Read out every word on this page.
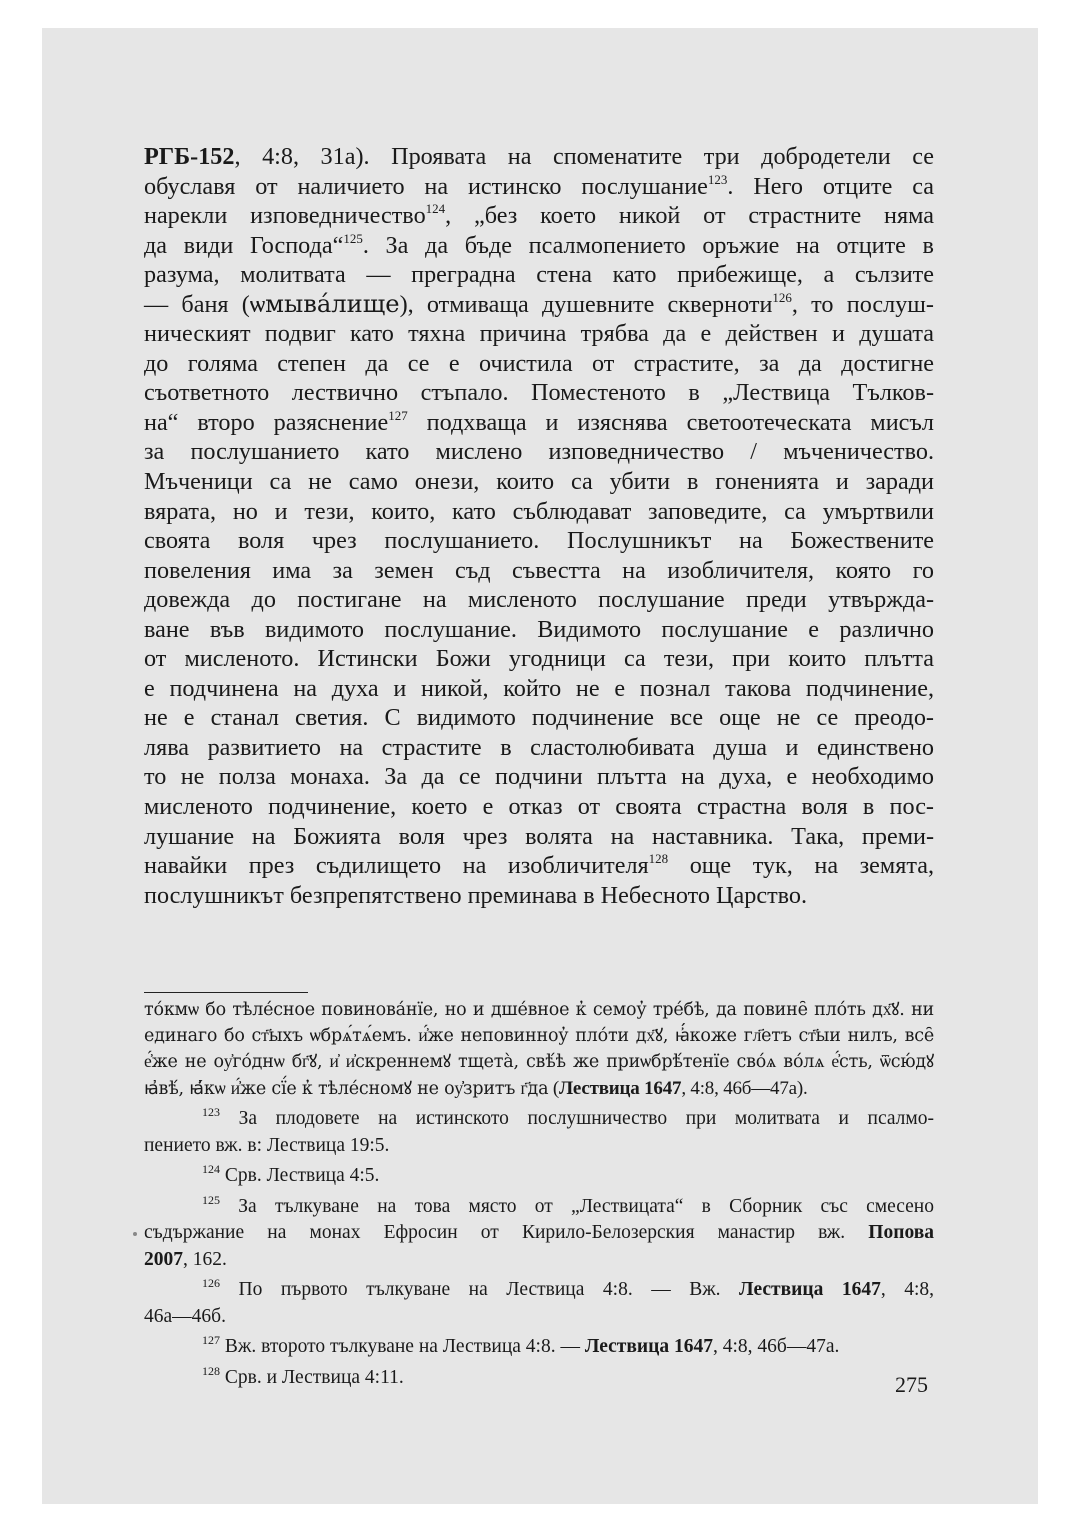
РГБ-152, 4:8, 31а). Проявата на споменатите три добродетели се
обуславя от наличието на истинско послушание$^{123}$. Него отците са
нарекли изповедничество$^{124}$, „без което никой от страстните няма
да види Господа“$^{125}$. За да бъде псалмопението оръжие на отците в
разума, молитвата — преградна стена като прибежище, а сълзите
— баня (ѡмыва́лище), отмиваща душевните скверноти$^{126}$, то послуш-
ническият подвиг като тяхна причина трябва да е действен и душата
до голяма степен да се е очистила от страстите, за да достигне
съответното лествично стъпало. Поместеното в „Лествица Тълков-
на“ второ разяснение$^{127}$ подхваща и изяснява светоотеческата мисъл
за послушанието като мислено изповедничество / мъченичество.
Мъченици са не само онези, които са убити в гоненията и заради
вярата, но и тези, които, като съблюдават заповедите, са умъртвили
своята воля чрез послушанието. Послушникът на Божествените
повеления има за земен съд съвестта на изобличителя, която го
довежда до постигане на мисленото послушание преди утвържда-
ване във видимото послушание. Видимото послушание е различно
от мисленото. Истински Божи угодници са тези, при които плътта
е подчинена на духа и никой, който не е познал такова подчинение,
не е станал светия. С видимото подчинение все още не се преодо-
лява развитието на страстите в сластолюбивата душа и единствено
то не полза монаха. За да се подчини плътта на духа, е необходимо
мисленото подчинение, което е отказ от своята страстна воля в пос-
лушание на Божията воля чрез волята на наставника. Така, преми-
навайки през съдилището на изобличителя$^{128}$ още тук, на земята,
послушникът безпрепятствено преминава в Небесното Царство.
то́кмѡ бо тѣле́сное повинова́нїе, но и дше́вное к̓ семоу̓ тре́бѣ, да повине̑ пло́ть дх҃ꙋ. ни
единаго бо ст҃ыхъ ѡбрѧ́тѧ́емъ. и҆́же неповинноу̓ пло́ти дх҃ꙋ, ꙗ҆́коже гл҃етъ ст҃ыи нилъ, все̑
е҆́же не оу҆го́днѡ бг҃ꙋ, и҆ и҆скреннемꙋ тщета̀, свѣ́ѣ же приѡбрѣ́тенїе сво́ѧ во́лѧ е҆́сть, ѿсю́дꙋ
ꙗ҆вѣ́, ꙗ҆́кѡ и҆́же сї́е к̓ тѣле́сномꙋ не оу҆̓зритъ г҃да (Лествица 1647, 4:8, 46б—47а).
$^{123}$ За плодовете на истинското послушничество при молитвата и псалмо-
пението вж. в: Лествица 19:5.
$^{124}$ Срв. Лествица 4:5.
$^{125}$ За тълкуване на това място от „Лествицата“ в Сборник със смесено
съдържание на монах Ефросин от Кирило-Белозерския манастир вж. Попова
2007, 162.
$^{126}$ По първото тълкуване на Лествица 4:8. — Вж. Лествица 1647, 4:8,
46а—46б.
$^{127}$ Вж. второто тълкуване на Лествица 4:8. — Лествица 1647, 4:8, 46б—47а.
$^{128}$ Срв. и Лествица 4:11.	275
